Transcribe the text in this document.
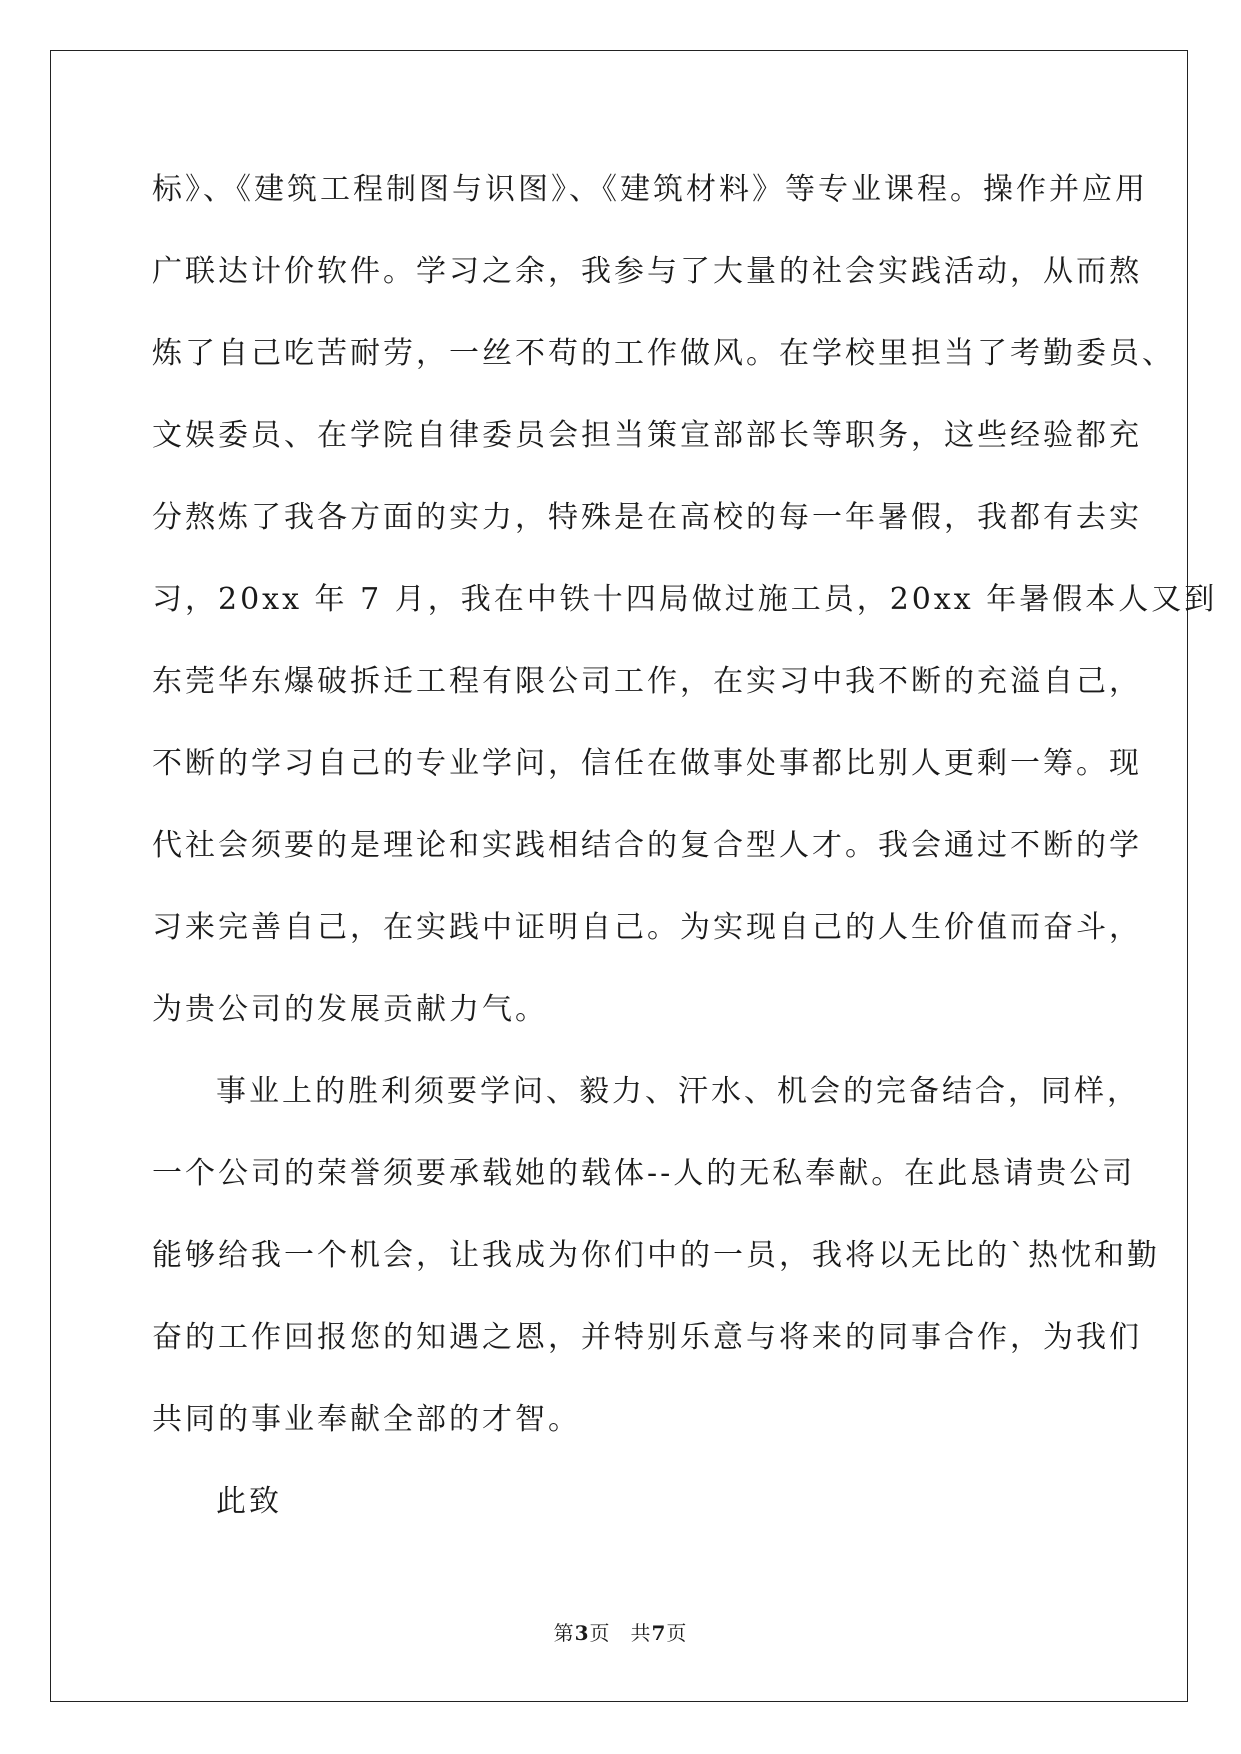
标》、《建筑工程制图与识图》、《建筑材料》等专业课程。操作并应用
广联达计价软件。学习之余，我参与了大量的社会实践活动，从而熬
炼了自己吃苦耐劳，一丝不苟的工作做风。在学校里担当了考勤委员、
文娱委员、在学院自律委员会担当策宣部部长等职务，这些经验都充
分熬炼了我各方面的实力，特殊是在高校的每一年暑假，我都有去实
习，20xx 年 7 月，我在中铁十四局做过施工员，20xx 年暑假本人又到
东莞华东爆破拆迁工程有限公司工作，在实习中我不断的充溢自己，
不断的学习自己的专业学问，信任在做事处事都比别人更剩一筹。现
代社会须要的是理论和实践相结合的复合型人才。我会通过不断的学
习来完善自己，在实践中证明自己。为实现自己的人生价值而奋斗，
为贵公司的发展贡献力气。
事业上的胜利须要学问、毅力、汗水、机会的完备结合，同样，
一个公司的荣誉须要承载她的载体--人的无私奉献。在此恳请贵公司
能够给我一个机会，让我成为你们中的一员，我将以无比的`热忱和勤
奋的工作回报您的知遇之恩，并特别乐意与将来的同事合作，为我们
共同的事业奉献全部的才智。
此致
第3页 共7页
